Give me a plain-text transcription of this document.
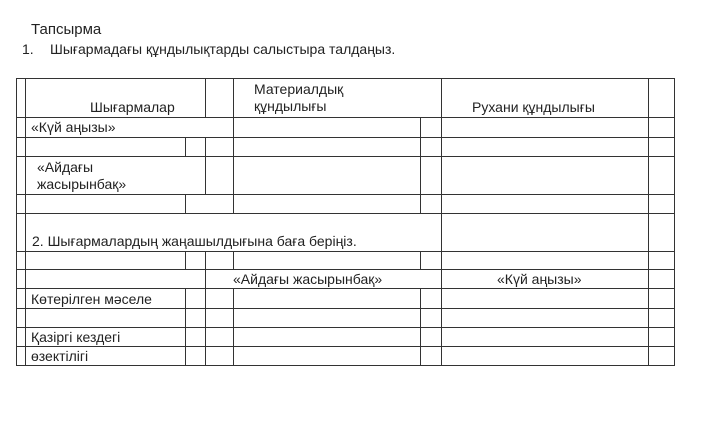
Тапсырма
1. Шығармадағы құндылықтарды салыстыра талдаңыз.
Шығармалар
Материалдық
құндылығы	Рухани құндылығы
«Күй аңызы»
«Айдағы
жасырынбақ»
2. Шығармалардың жаңашылдығына баға беріңіз.
«Айдағы жасырынбақ»	«Күй аңызы»
Көтерілген мәселе
Қазіргі кездегі
өзектілігі
